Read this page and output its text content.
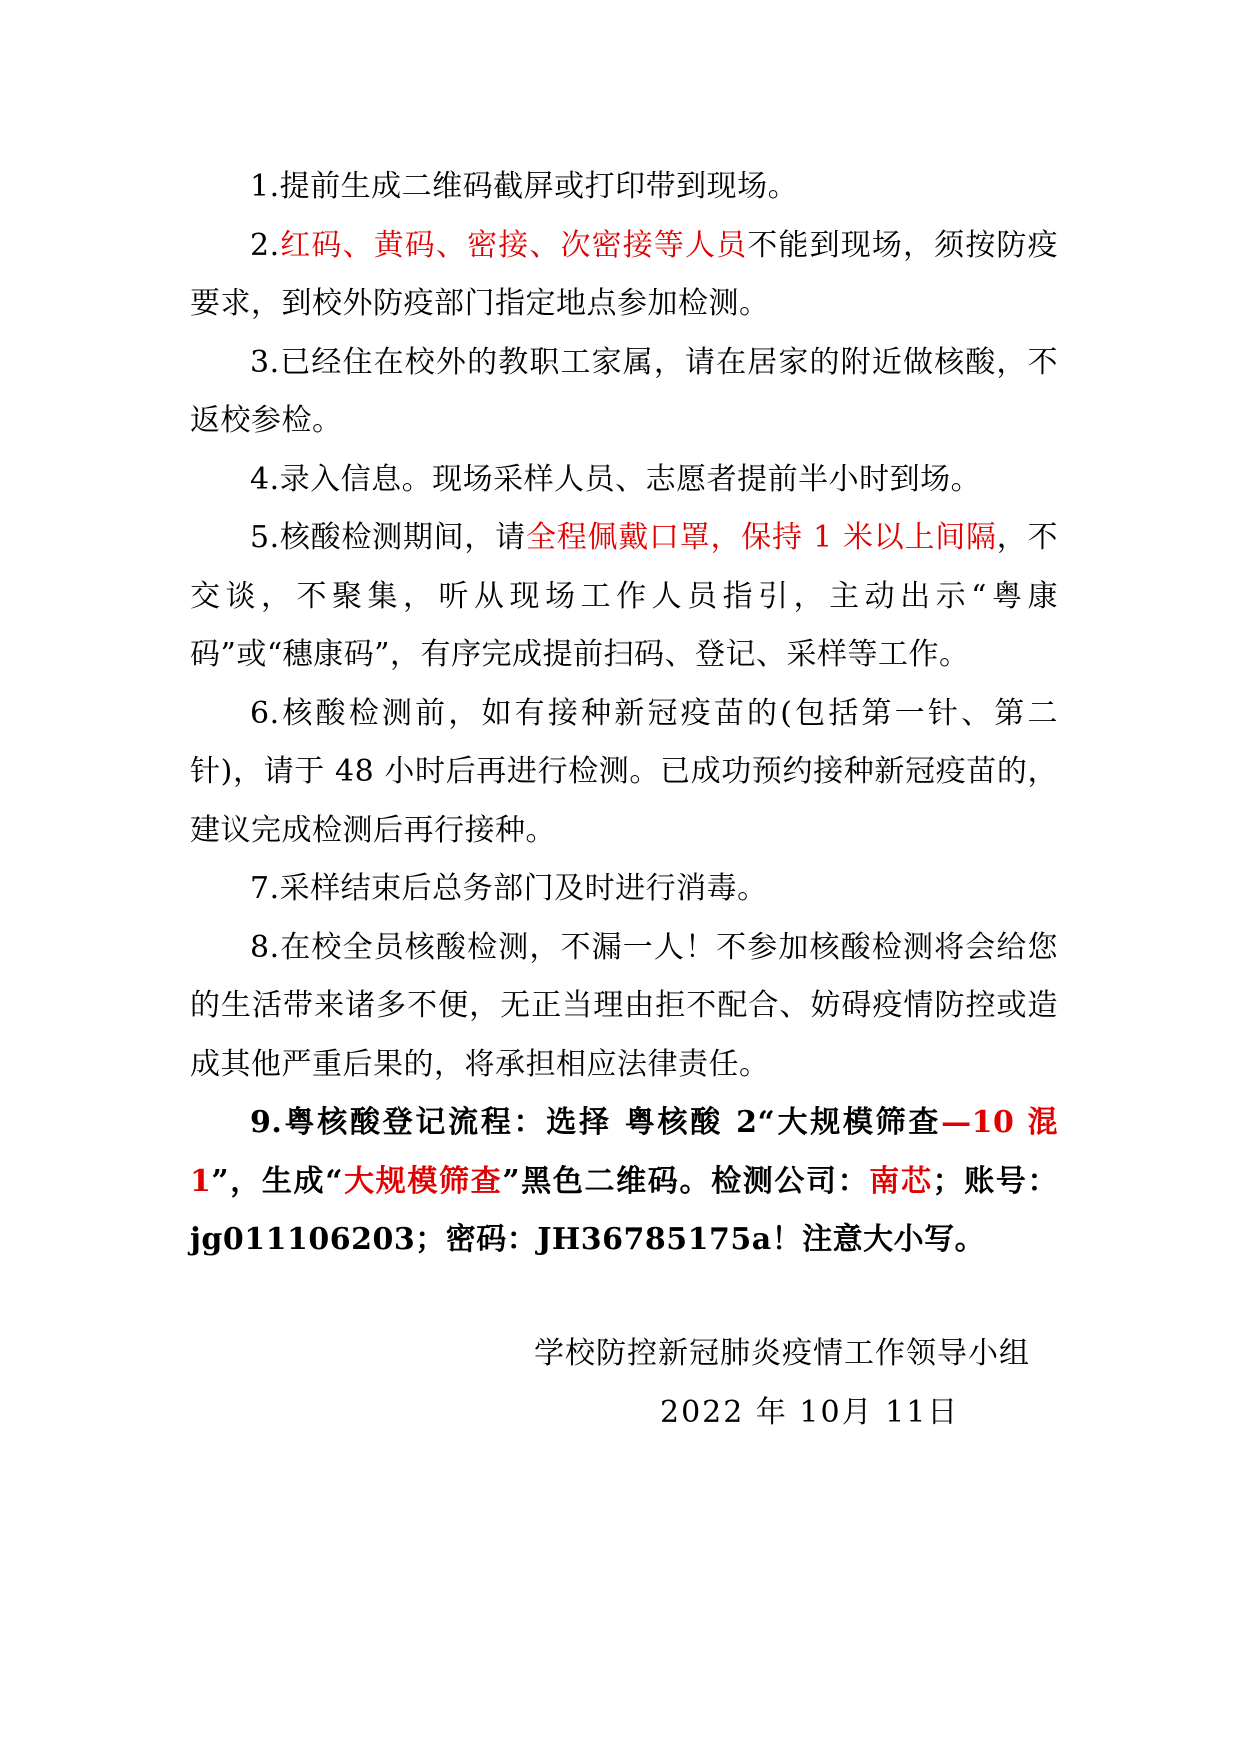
1.提前生成二维码截屏或打印带到现场。

2.红码、黄码、密接、次密接等人员不能到现场，须按防疫要求，到校外防疫部门指定地点参加检测。

3.已经住在校外的教职工家属，请在居家的附近做核酸，不返校参检。

4.录入信息。现场采样人员、志愿者提前半小时到场。

5.核酸检测期间，请全程佩戴口罩，保持 1 米以上间隔，不交谈，不聚集，听从现场工作人员指引，主动出示“粤康码”或“穗康码”，有序完成提前扫码、登记、采样等工作。

6.核酸检测前，如有接种新冠疫苗的(包括第一针、第二针)，请于 48 小时后再进行检测。已成功预约接种新冠疫苗的，建议完成检测后再行接种。

7.采样结束后总务部门及时进行消毒。

8.在校全员核酸检测，不漏一人！不参加核酸检测将会给您的生活带来诸多不便，无正当理由拒不配合、妨碍疫情防控或造成其他严重后果的，将承担相应法律责任。

9.粤核酸登记流程：选择 粤核酸 2“大规模筛查—10 混 1”，生成“大规模筛查”黑色二维码。检测公司：南芯；账号：jg011106203；密码：JH36785175a！注意大小写。

学校防控新冠肺炎疫情工作领导小组
2022 年 10月 11日
